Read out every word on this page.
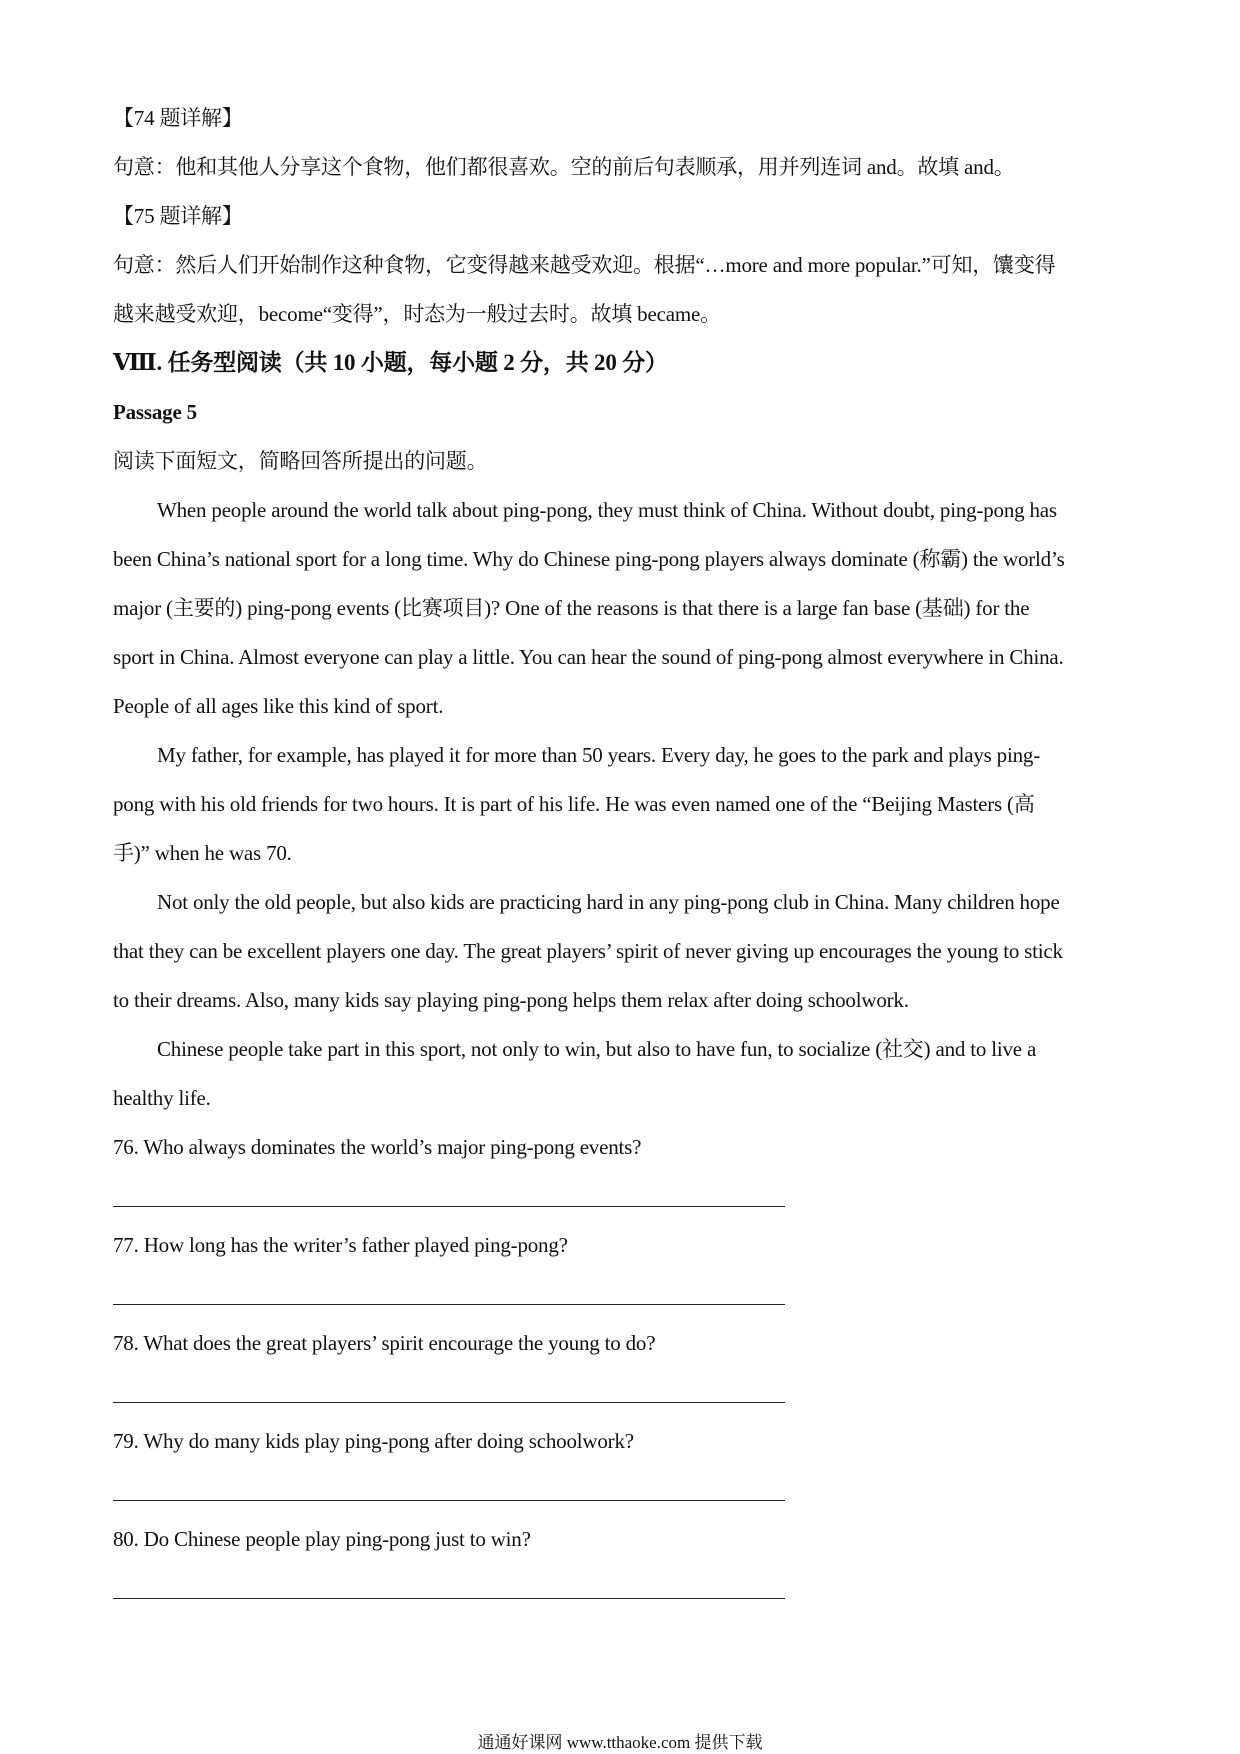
【74 题详解】
句意：他和其他人分享这个食物，他们都很喜欢。空的前后句表顺承，用并列连词 and。故填 and。
【75 题详解】
句意：然后人们开始制作这种食物，它变得越来越受欢迎。根据“…more and more popular.”可知，馕变得
越来越受欢迎，become“变得”，时态为一般过去时。故填 became。
Ⅷ. 任务型阅读（共 10 小题，每小题 2 分，共 20 分）
Passage 5
阅读下面短文，简略回答所提出的问题。
When people around the world talk about ping-pong, they must think of China. Without doubt, ping-pong has
been China’s national sport for a long time. Why do Chinese ping-pong players always dominate (称霸) the world’s
major (主要的) ping-pong events (比赛项目)? One of the reasons is that there is a large fan base (基础) for the
sport in China. Almost everyone can play a little. You can hear the sound of ping-pong almost everywhere in China.
People of all ages like this kind of sport.
My father, for example, has played it for more than 50 years. Every day, he goes to the park and plays ping-
pong with his old friends for two hours. It is part of his life. He was even named one of the “Beijing Masters (高
手)” when he was 70.
Not only the old people, but also kids are practicing hard in any ping-pong club in China. Many children hope
that they can be excellent players one day. The great players’ spirit of never giving up encourages the young to stick
to their dreams. Also, many kids say playing ping-pong helps them relax after doing schoolwork.
Chinese people take part in this sport, not only to win, but also to have fun, to socialize (社交) and to live a
healthy life.
76. Who always dominates the world’s major ping-pong events?
77. How long has the writer’s father played ping-pong?
78. What does the great players’ spirit encourage the young to do?
79. Why do many kids play ping-pong after doing schoolwork?
80. Do Chinese people play ping-pong just to win?
通通好课网 www.tthaoke.com 提供下载
